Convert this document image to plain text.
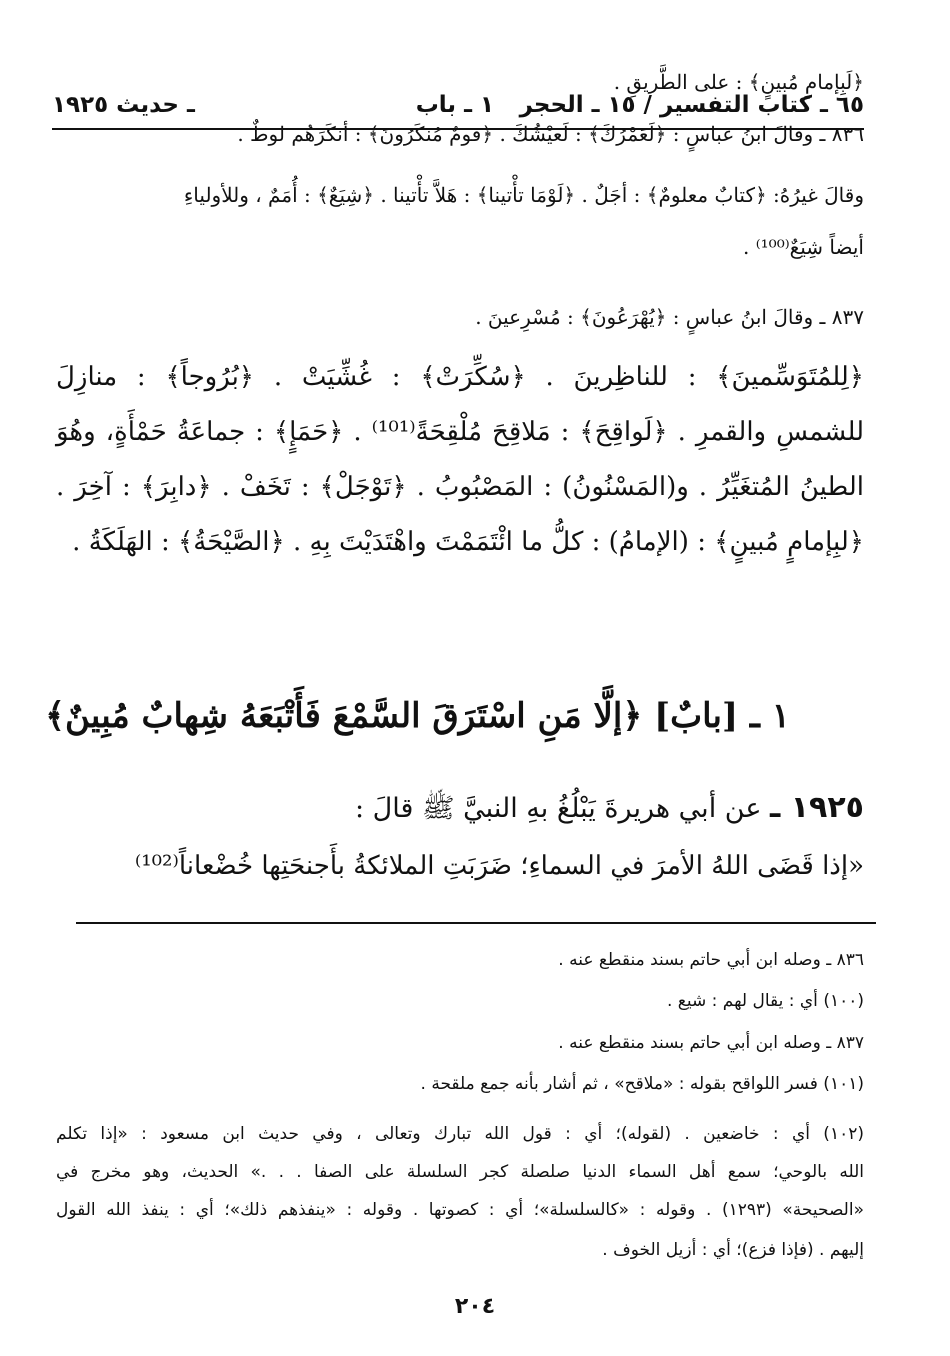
٦٥ ـ كتاب التفسير / ١٥ ـ الحجر
١ ـ باب
ـ حديث ١٩٢٥
﴿لَبِإمامٍ مُبينٍ﴾ : على الطَّريقِ .
٨٣٦ ـ وقالَ ابنُ عباسٍ : ﴿لَعَمْرُكَ﴾ : لَعيْشُكَ . ﴿قومٌ مُنكَرُونَ﴾ : أنكَرَهُم لوطٌ .
وقالَ غيرُهُ: ﴿كتابٌ معلومٌ﴾ : أجَلٌ . ﴿لَوْمَا تأْتينا﴾ : هَلاَّ تأْتينا . ﴿شِيَعٌ﴾ : أُمَمٌ ، وللأولياءِ
أيضاً شِيَعٌ⁽¹⁰⁰⁾ .
٨٣٧ ـ وقالَ ابنُ عباسٍ : ﴿يُهْرَعُونَ﴾ : مُسْرِعينَ .
﴿لِلمُتَوَسِّمينَ﴾ : للناظِرينَ . ﴿سُكِّرَتْ﴾ : غُشِّيَتْ . ﴿بُرُوجاً﴾ : منازِلَ
للشمسِ والقمرِ . ﴿لَواقِحَ﴾ : مَلاقِحَ مُلْقِحَةً⁽¹⁰¹⁾ . ﴿حَمَإٍ﴾ : جماعَةُ حَمْأَةٍ، وهُوَ
الطينُ المُتغَيِّرُ . و(المَسْنُونُ) : المَصْبُوبُ . ﴿تَوْجَلْ﴾ : تَخَفْ . ﴿دابِرَ﴾ : آخِرَ .
﴿لبِإمامٍ مُبينٍ﴾ : (الإمامُ) : كلُّ ما ائْتَمَمْتَ واهْتَدَيْتَ بِهِ . ﴿الصَّيْحَةُ﴾ : الهَلَكَةُ .
١ ـ [بابٌ] ﴿إلَّا مَنِ اسْتَرَقَ السَّمْعَ فَأَتْبَعَهُ شِهابٌ مُبِينٌ﴾
١٩٢٥ ـ عن أبي هريرةَ يَبْلُغُ بهِ النبيَّ ﷺ قالَ :
«إذا قَضَى اللهُ الأمرَ في السماءِ؛ ضَرَبَتِ الملائكةُ بأَجنحَتِها خُضْعاناً⁽¹⁰²⁾
٨٣٦ ـ وصله ابن أبي حاتم بسند منقطع عنه .
(١٠٠) أي : يقال لهم : شيع .
٨٣٧ ـ وصله ابن أبي حاتم بسند منقطع عنه .
(١٠١) فسر اللواقح بقوله : «ملاقح» ، ثم أشار بأنه جمع ملقحة .
(١٠٢) أي : خاضعين . (لقوله)؛ أي : قول الله تبارك وتعالى ، وفي حديث ابن مسعود : «إذا تكلم
الله بالوحي؛ سمع أهل السماء الدنيا صلصلة كجر السلسلة على الصفا . . .» الحديث، وهو مخرج في
«الصحيحة» (١٢٩٣) . وقوله : «كالسلسلة»؛ أي : كصوتها . وقوله : «ينفذهم ذلك»؛ أي : ينفذ الله القول
إليهم . (فإذا فزع)؛ أي : أزيل الخوف .
٢٠٤
